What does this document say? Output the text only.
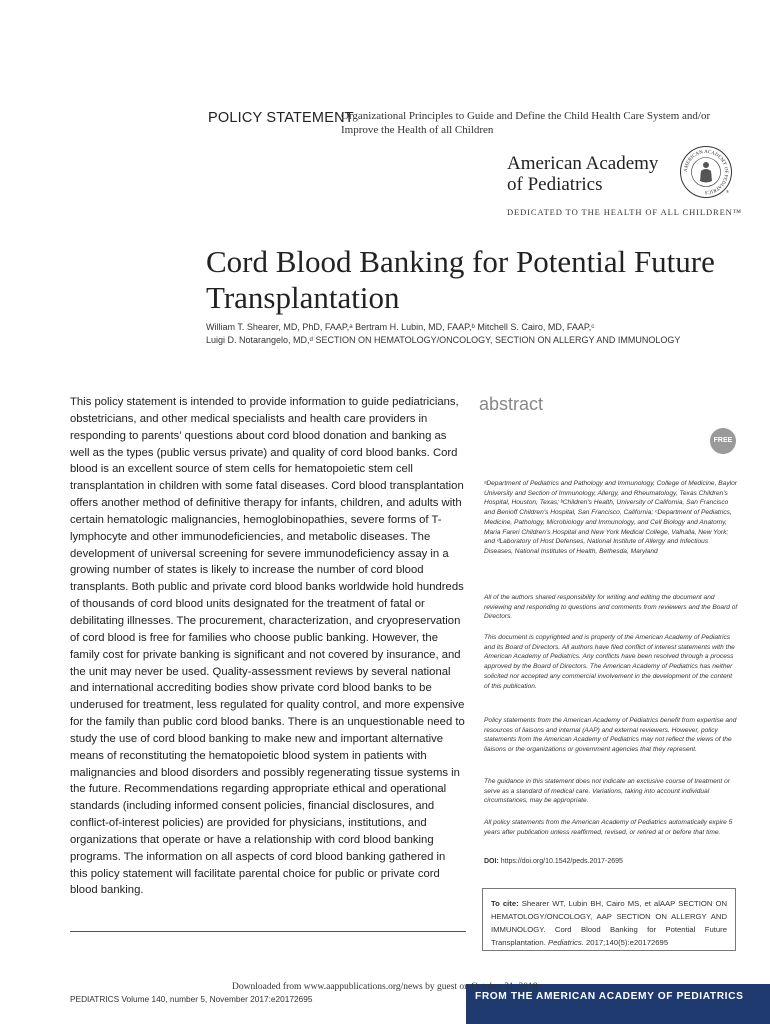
POLICY STATEMENT
Organizational Principles to Guide and Define the Child Health Care System and/or Improve the Health of all Children
American Academy
of Pediatrics
AMERICAN ACADEMY OF PEDIATRICS	®
DEDICATED TO THE HEALTH OF ALL CHILDREN™
Cord Blood Banking for Potential Future Transplantation
William T. Shearer, MD, PhD, FAAP,ᵃ Bertram H. Lubin, MD, FAAP,ᵇ Mitchell S. Cairo, MD, FAAP,ᶜ
Luigi D. Notarangelo, MD,ᵈ SECTION ON HEMATOLOGY/ONCOLOGY, SECTION ON ALLERGY AND IMMUNOLOGY
This policy statement is intended to provide information to guide pediatricians, obstetricians, and other medical specialists and health care providers in responding to parents’ questions about cord blood donation and banking as well as the types (public versus private) and quality of cord blood banks. Cord blood is an excellent source of stem cells for hematopoietic stem cell transplantation in children with some fatal diseases. Cord blood transplantation offers another method of definitive therapy for infants, children, and adults with certain hematologic malignancies, hemoglobinopathies, severe forms of T-lymphocyte and other immunodeficiencies, and metabolic diseases. The development of universal screening for severe immunodeficiency assay in a growing number of states is likely to increase the number of cord blood transplants. Both public and private cord blood banks worldwide hold hundreds of thousands of cord blood units designated for the treatment of fatal or debilitating illnesses. The procurement, characterization, and cryopreservation of cord blood is free for families who choose public banking. However, the family cost for private banking is significant and not covered by insurance, and the unit may never be used. Quality-assessment reviews by several national and international accrediting bodies show private cord blood banks to be underused for treatment, less regulated for quality control, and more expensive for the family than public cord blood banks. There is an unquestionable need to study the use of cord blood banking to make new and important alternative means of reconstituting the hematopoietic blood system in patients with malignancies and blood disorders and possibly regenerating tissue systems in the future. Recommendations regarding appropriate ethical and operational standards (including informed consent policies, financial disclosures, and conflict-of-interest policies) are provided for physicians, institutions, and organizations that operate or have a relationship with cord blood banking programs. The information on all aspects of cord blood banking gathered in this policy statement will facilitate parental choice for public or private cord blood banking.
abstract
FREE
ᵃDepartment of Pediatrics and Pathology and Immunology, College of Medicine, Baylor University and Section of Immunology, Allergy, and Rheumatology, Texas Children’s Hospital, Houston, Texas; ᵇChildren’s Health, University of California, San Francisco and Benioff Children’s Hospital, San Francisco, California; ᶜDepartment of Pediatrics, Medicine, Pathology, Microbiology and Immunology, and Cell Biology and Anatomy, Maria Fareri Children’s Hospital and New York Medical College, Valhalla, New York; and ᵈLaboratory of Host Defenses, National Institute of Allergy and Infectious Diseases, National Institutes of Health, Bethesda, Maryland
All of the authors shared responsibility for writing and editing the document and reviewing and responding to questions and comments from reviewers and the Board of Directors.
This document is copyrighted and is property of the American Academy of Pediatrics and its Board of Directors. All authors have filed conflict of interest statements with the American Academy of Pediatrics. Any conflicts have been resolved through a process approved by the Board of Directors. The American Academy of Pediatrics has neither solicited nor accepted any commercial involvement in the development of the content of this publication.
Policy statements from the American Academy of Pediatrics benefit from expertise and resources of liaisons and internal (AAP) and external reviewers. However, policy statements from the American Academy of Pediatrics may not reflect the views of the liaisons or the organizations or government agencies that they represent.
The guidance in this statement does not indicate an exclusive course of treatment or serve as a standard of medical care. Variations, taking into account individual circumstances, may be appropriate.
All policy statements from the American Academy of Pediatrics automatically expire 5 years after publication unless reaffirmed, revised, or retired at or before that time.
DOI: https://doi.org/10.1542/peds.2017-2695
To cite: Shearer WT, Lubin BH, Cairo MS, et alAAP SECTION ON HEMATOLOGY/ONCOLOGY, AAP SECTION ON ALLERGY AND IMMUNOLOGY. Cord Blood Banking for Potential Future Transplantation. Pediatrics. 2017;140(5):e20172695
FROM THE AMERICAN ACADEMY OF PEDIATRICS
Downloaded from www.aappublications.org/news by guest on October 31, 2018
PEDIATRICS Volume 140, number 5, November 2017:e20172695
